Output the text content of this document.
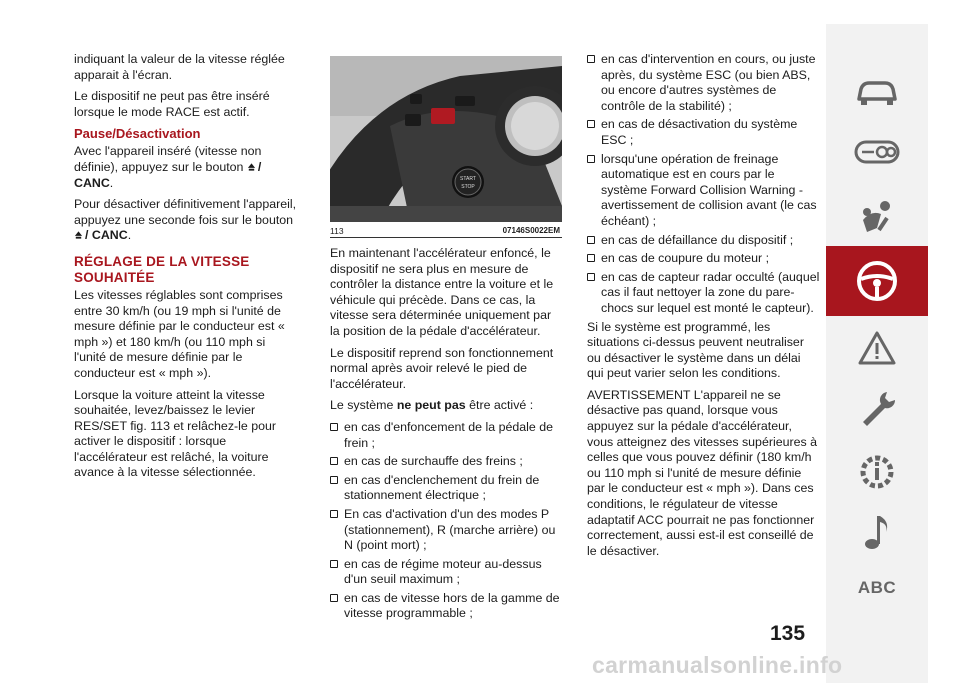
indiquant la valeur de la vitesse réglée apparait à l'écran.

Le dispositif ne peut pas être inséré lorsque le mode RACE est actif.

Pause/Désactivation

Avec l'appareil inséré (vitesse non définie), appuyez sur le bouton / CANC.

Pour désactiver définitivement l'appareil, appuyez une seconde fois sur le bouton / CANC.

RÉGLAGE DE LA VITESSE SOUHAITÉE

Les vitesses réglables sont comprises entre 30 km/h (ou 19 mph si l'unité de mesure définie par le conducteur est « mph ») et 180 km/h (ou 110 mph si l'unité de mesure définie par le conducteur est « mph »).

Lorsque la voiture atteint la vitesse souhaitée, levez/baissez le levier RES/SET fig. 113 et relâchez-le pour activer le dispositif : lorsque l'accélérateur est relâché, la voiture avance à la vitesse sélectionnée.

START
STOP
113	07146S0022EM

En maintenant l'accélérateur enfoncé, le dispositif ne sera plus en mesure de contrôler la distance entre la voiture et le véhicule qui précède. Dans ce cas, la vitesse sera déterminée uniquement par la position de la pédale d'accélérateur.

Le dispositif reprend son fonctionnement normal après avoir relevé le pied de l'accélérateur.

Le système ne peut pas être activé :

en cas d'enfoncement de la pédale de frein ;
en cas de surchauffe des freins ;
en cas d'enclenchement du frein de stationnement électrique ;
En cas d'activation d'un des modes P (stationnement), R (marche arrière) ou N (point mort) ;
en cas de régime moteur au-dessus d'un seuil maximum ;
en cas de vitesse hors de la gamme de vitesse programmable ;
en cas d'intervention en cours, ou juste après, du système ESC (ou bien ABS, ou encore d'autres systèmes de contrôle de la stabilité) ;
en cas de désactivation du système ESC ;
lorsqu'une opération de freinage automatique est en cours par le système Forward Collision Warning - avertissement de collision avant (le cas échéant) ;
en cas de défaillance du dispositif ;
en cas de coupure du moteur ;
en cas de capteur radar occulté (auquel cas il faut nettoyer la zone du pare-chocs sur lequel est monté le capteur).

Si le système est programmé, les situations ci-dessus peuvent neutraliser ou désactiver le système dans un délai qui peut varier selon les conditions.

AVERTISSEMENT L'appareil ne se désactive pas quand, lorsque vous appuyez sur la pédale d'accélérateur, vous atteignez des vitesses supérieures à celles que vous pouvez définir (180 km/h ou 110 mph si l'unité de mesure définie par le conducteur est « mph »). Dans ces conditions, le régulateur de vitesse adaptatif ACC pourrait ne pas fonctionner correctement, aussi est-il est conseillé de le désactiver.

135
ABC
carmanualsonline.info
